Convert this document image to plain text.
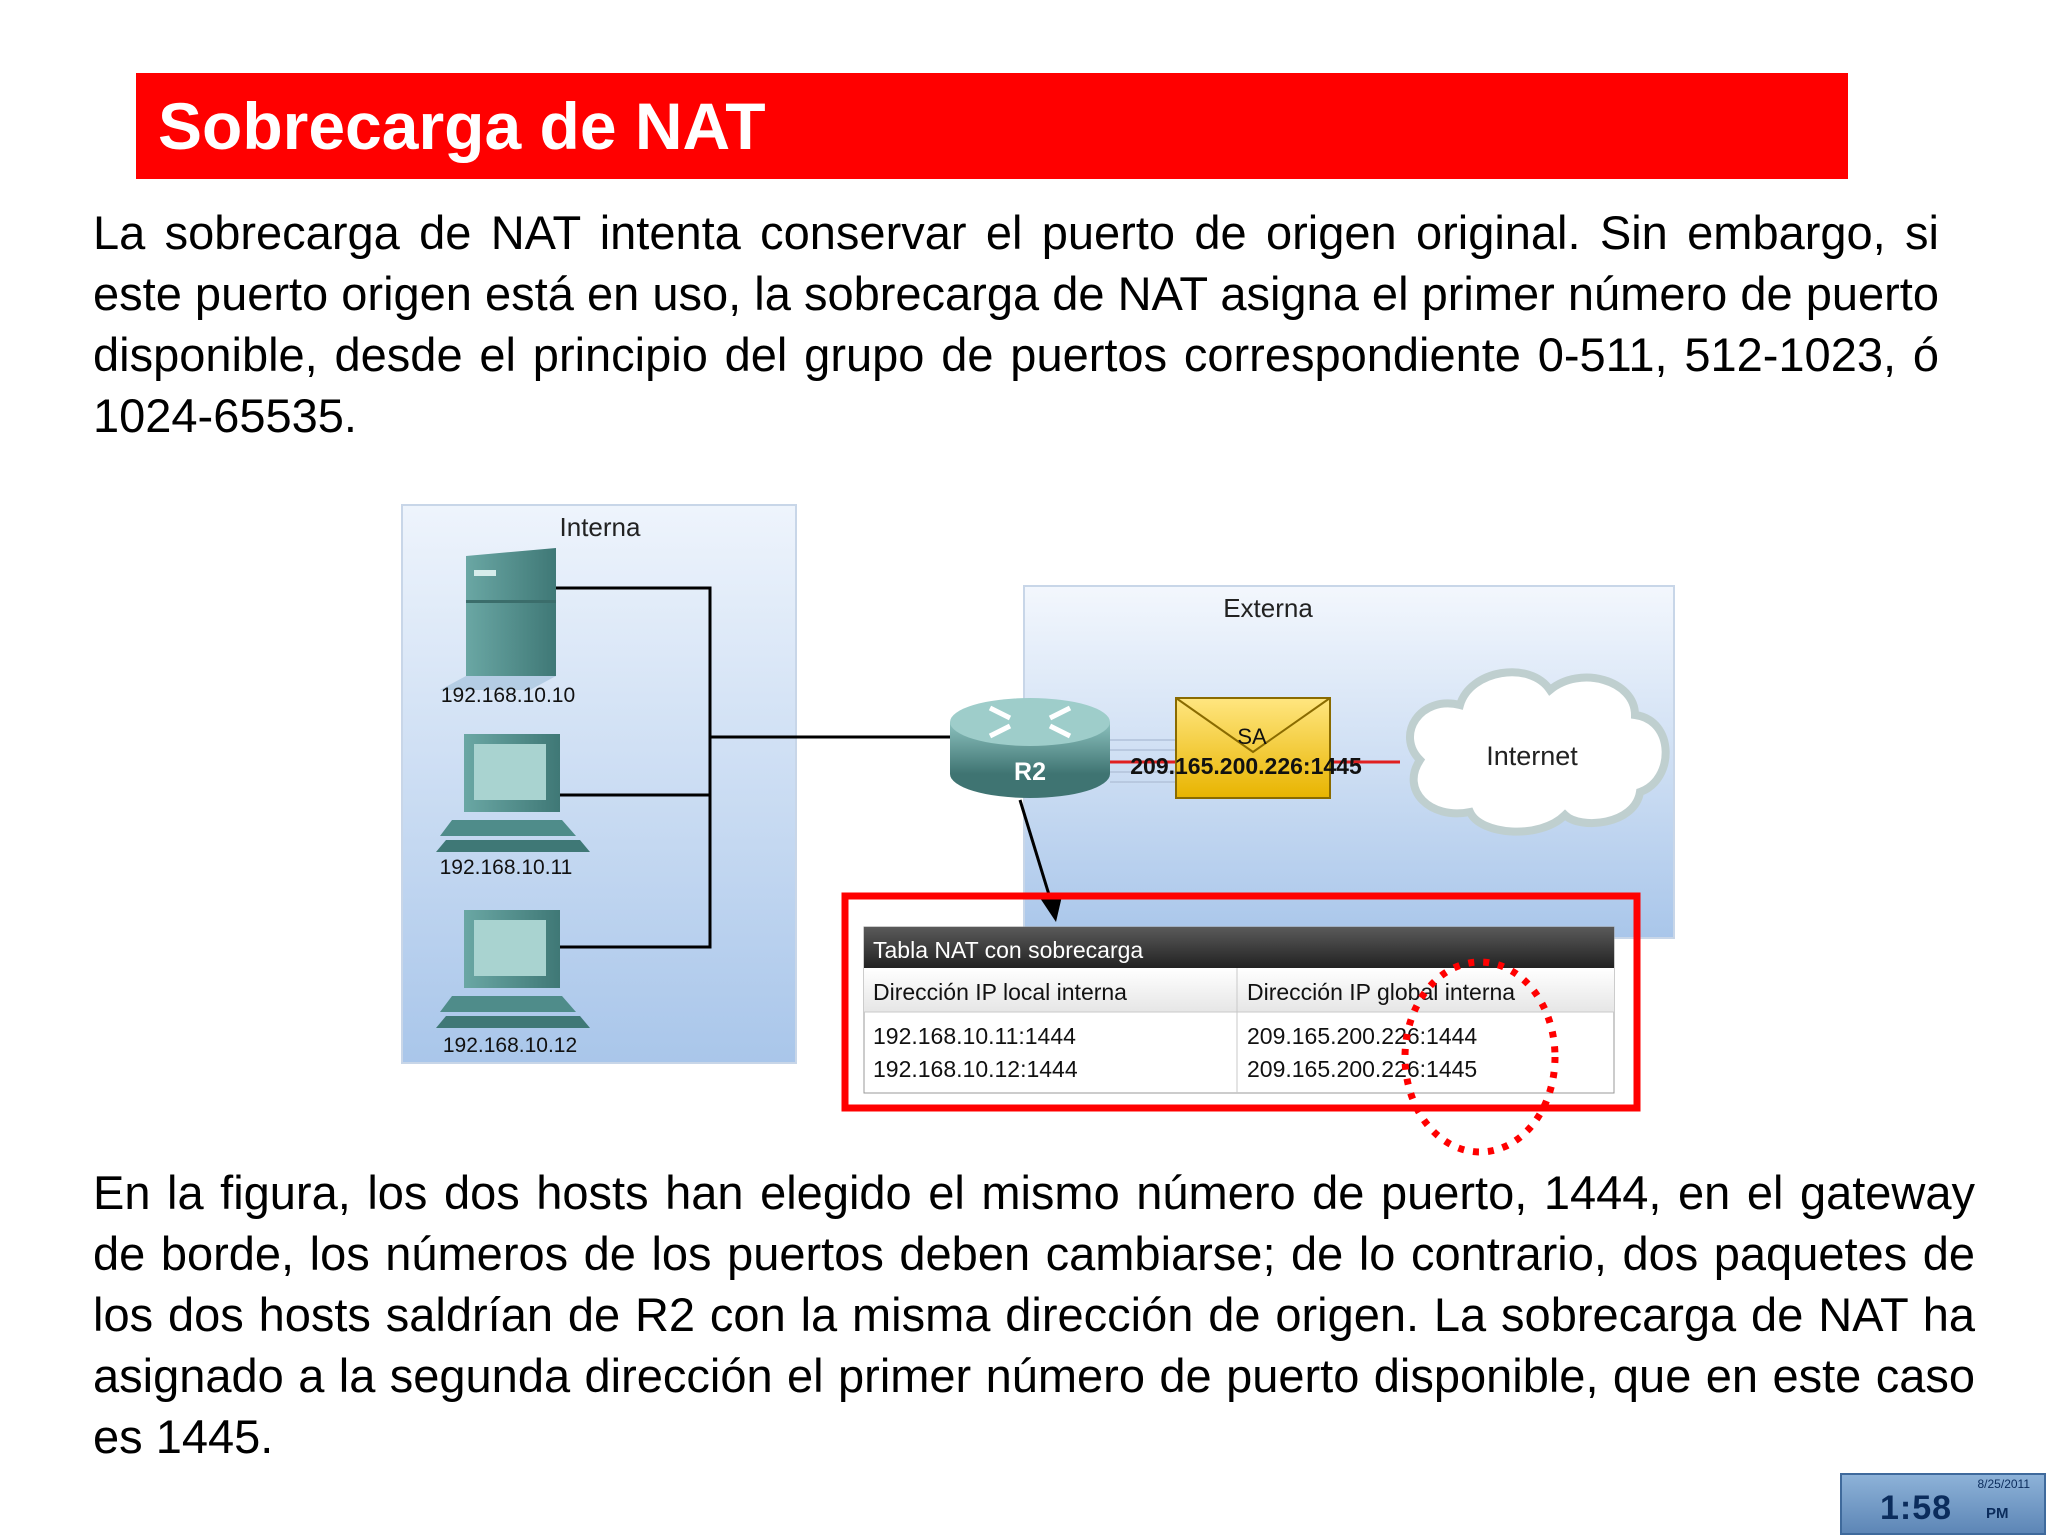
Sobrecarga de NAT
La sobrecarga de NAT intenta conservar el puerto de origen original. Sin embargo, si este puerto origen está en uso, la sobrecarga de NAT asigna el primer número de puerto disponible, desde el principio del grupo de puertos correspondiente 0-511, 512-1023, ó 1024-65535.
Interna
Externa
192.168.10.10
192.168.10.11
192.168.10.12
R2
SA
209.165.200.226:1445	Internet
Tabla NAT con sobrecarga
Dirección IP local interna	Dirección IP global interna
192.168.10.11:1444	209.165.200.226:1444
192.168.10.12:1444	209.165.200.226:1445
En la figura, los dos hosts han elegido el mismo número de puerto, 1444, en el gateway de borde, los números de los puertos deben cambiarse; de lo contrario, dos paquetes de los dos hosts saldrían de R2 con la misma dirección de origen. La sobrecarga de NAT ha asignado a la segunda dirección el primer número de puerto disponible, que en este caso es 1445.
8/25/2011
1:58 PM
